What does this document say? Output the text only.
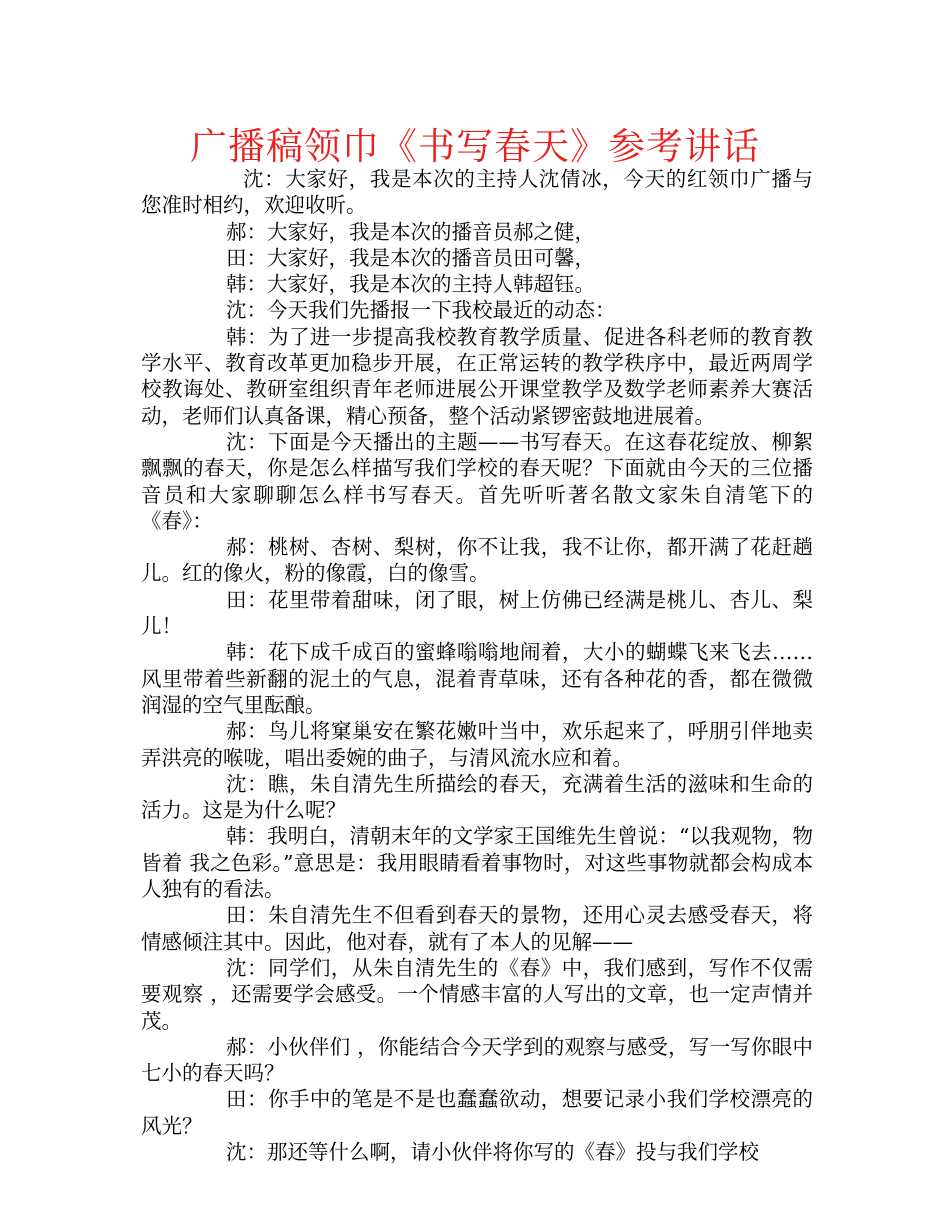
广播稿领巾《书写春天》参考讲话

沈：大家好，我是本次的主持人沈倩冰，今天的红领巾广播与您准时相约，欢迎收听。

郝：大家好，我是本次的播音员郝之健，

田：大家好，我是本次的播音员田可馨，

韩：大家好，我是本次的主持人韩超钰。

沈：今天我们先播报一下我校最近的动态：

韩：为了进一步提高我校教育教学质量、促进各科老师的教育教学水平、教育改革更加稳步开展，在正常运转的教学秩序中，最近两周学校教诲处、教研室组织青年老师进展公开课堂教学及数学老师素养大赛活动，老师们认真备课，精心预备，整个活动紧锣密鼓地进展着。

沈：下面是今天播出的主题——书写春天。在这春花绽放、柳絮飘飘的春天，你是怎么样描写我们学校的春天呢？下面就由今天的三位播音员和大家聊聊怎么样书写春天。首先听听著名散文家朱自清笔下的《春》：

郝：桃树、杏树、梨树，你不让我，我不让你，都开满了花赶趟儿。红的像火，粉的像霞，白的像雪。

田：花里带着甜味，闭了眼，树上仿佛已经满是桃儿、杏儿、梨儿！

韩：花下成千成百的蜜蜂嗡嗡地闹着，大小的蝴蝶飞来飞去……风里带着些新翻的泥土的气息，混着青草味，还有各种花的香，都在微微润湿的空气里酝酿。

郝：鸟儿将窠巢安在繁花嫩叶当中，欢乐起来了，呼朋引伴地卖弄洪亮的喉咙，唱出委婉的曲子，与清风流水应和着。

沈：瞧，朱自清先生所描绘的春天，充满着生活的滋味和生命的活力。这是为什么呢？

韩：我明白，清朝末年的文学家王国维先生曾说：“以我观物，物皆着 我之色彩。”意思是：我用眼睛看着事物时，对这些事物就都会构成本人独有的看法。

田：朱自清先生不但看到春天的景物，还用心灵去感受春天，将情感倾注其中。因此，他对春，就有了本人的见解——

沈：同学们，从朱自清先生的《春》中，我们感到，写作不仅需要观察 ，还需要学会感受。一个情感丰富的人写出的文章，也一定声情并茂。

郝：小伙伴们 ，你能结合今天学到的观察与感受，写一写你眼中七小的春天吗？

田：你手中的笔是不是也蠢蠢欲动，想要记录小我们学校漂亮的风光？

沈：那还等什么啊，请小伙伴将你写的《春》投与我们学校
